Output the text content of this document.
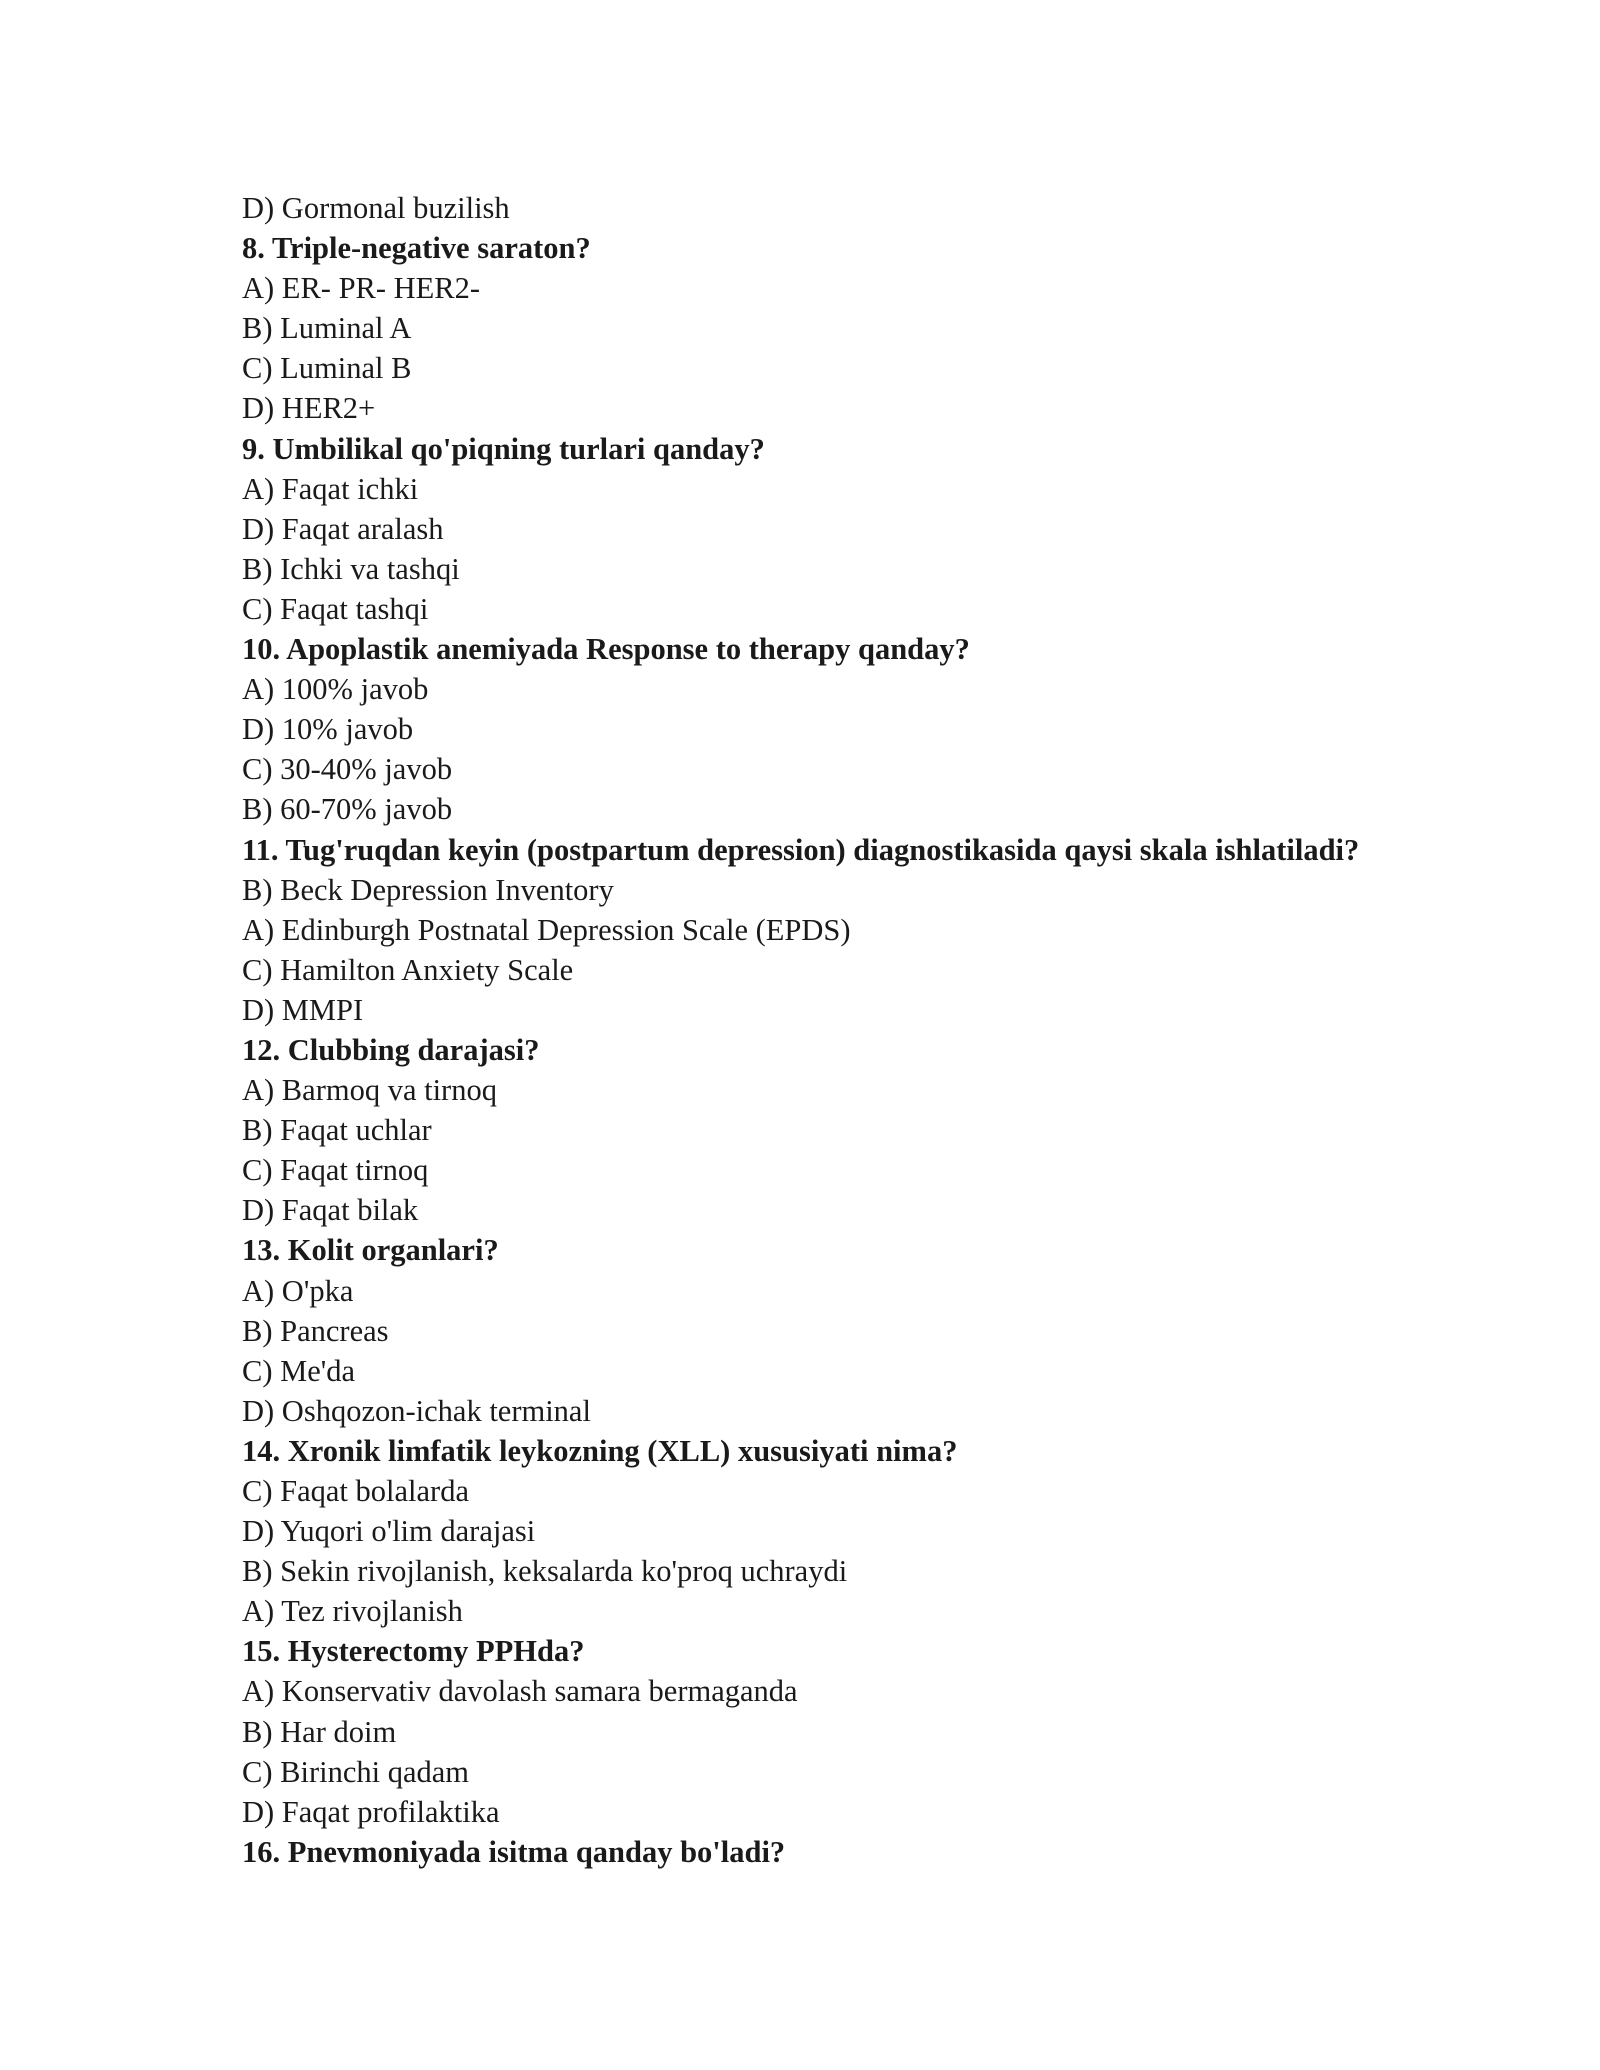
D) Gormonal buzilish
8. Triple-negative saraton?
A) ER- PR- HER2-
B) Luminal A
C) Luminal B
D) HER2+
9. Umbilikal qo'piqning turlari qanday?
A) Faqat ichki
D) Faqat aralash
B) Ichki va tashqi
C) Faqat tashqi
10. Apoplastik anemiyada Response to therapy qanday?
A) 100% javob
D) 10% javob
C) 30-40% javob
B) 60-70% javob
11. Tug'ruqdan keyin (postpartum depression) diagnostikasida qaysi skala ishlatiladi?
B) Beck Depression Inventory
A) Edinburgh Postnatal Depression Scale (EPDS)
C) Hamilton Anxiety Scale
D) MMPI
12. Clubbing darajasi?
A) Barmoq va tirnoq
B) Faqat uchlar
C) Faqat tirnoq
D) Faqat bilak
13. Kolit organlari?
A) O'pka
B) Pancreas
C) Me'da
D) Oshqozon-ichak terminal
14. Xronik limfatik leykozning (XLL) xususiyati nima?
C) Faqat bolalarda
D) Yuqori o'lim darajasi
B) Sekin rivojlanish, keksalarda ko'proq uchraydi
A) Tez rivojlanish
15. Hysterectomy PPHda?
A) Konservativ davolash samara bermaganda
B) Har doim
C) Birinchi qadam
D) Faqat profilaktika
16. Pnevmoniyada isitma qanday bo'ladi?
